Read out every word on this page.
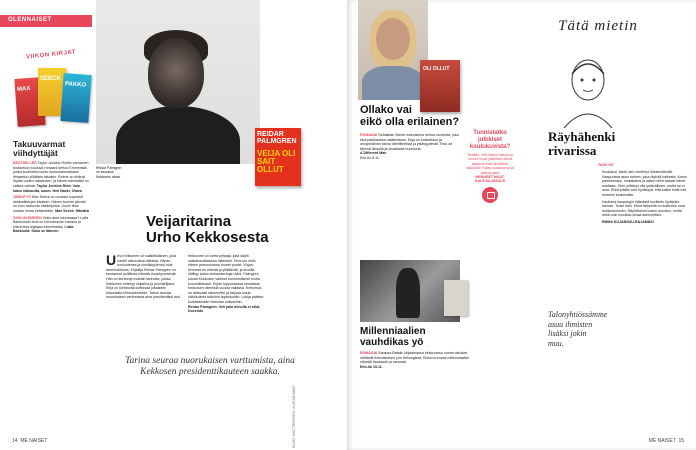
OLENNAISET
MAX
SEECK
PAKKO
VIIKON KIRJAT
Takuuvarmat viihdyttäjät

BESTSELLER Taylor Jenkins Reidin varhainen tuotantoon kuuluva romaani kertoo Emmeristä, jonka kuolleeksi luultu nuoruudenrakkaus ilmaantuu yllättäen takaisin. Emme on ehtinyt löytää uuden rakkauden, ja hänen edessään on vaikea valinta. Taylor Jenkins Reid: Vain kaksi rakkautta, suom. Heli Naski, Otava

JÄNNITYS Max Seeck on noussut nopeasti dekkarilistojen kärkeen. Hänen tuorein jännäri on kuin elokuvan käsikirjoitus. Uusin teos nostaa rimaa entisestään. Max Seeck: Hämärä

DIGILUKEMINEN Onko aina lukemassa? Lotta Backlundin teos on hervottoman hauska ja elävä kirja digiajan lukemisesta. Lotta Backlund: Sano se ääneen

REIDAR PALMGREN
VEIJA OLI SAIT OLLUT
Reidar Palmgren on seuranut Kekkosen aikaa.
Veijaritarina
Urho Kekkosesta
Urho Kekkonen oli salaliittolainen, joka nauttii valvovasta vallasta. Hänen oveluutensa ja sinnikkyytensä ovat tarunhohtoisia. Kirjailija Reidar Palmgren on seurannut poliittista elämää vuosikymmeniä. Hän on kerännyt muistiin tarinoita, joissa Kekkonen esiintyy veijarina ja juonittelijana. Kirja on kiehtovaa luettavaa jokaiselle historiasta kiinnostuneelle. Tarina seuraa nuorukaisen varttumista aina presidentiksi asti.
Kekkonen oli ovela pelaaja, joka käytti vaikutusvaltaansa taitavasti. Teos tuo esiin hänen persoonansa monet puolet. Kirjan kerronta on elävää ja yllättävää, ja sivuilta välittyy aidon tarinankertojan ääni. Palmgren kuvaa Kekkosen vaiheet humoristisesti mutta kunnioittavasti. Kirjan loppuosassa seurataan Kekkosen viimeisiä vuosia vallassa. Kertomus on taitavasti rakennettu ja tarjoaa uusia näkökulmia tuttuihin tapahtumiin. Lukija pääsee kurkistamaan historian kulisseihin.
Reidar Palmgren: Veli joka minulla ei ollut, Docendo
Tarina seuraa nuorukaisen varttumista, aina Kekkosen presidenttikauteen saakka.
KUVAT: SHUTTERSTOCK, KUSTANTAMOT
14 ME NAISET
OLI OLLUT
Ollako vai
eikö olla erilainen?
ROMAANI Sebastian Stenin esikoisteos kertoo nuoresta, joka etsii paikkaansa maailmassa. Kirja on koskettava ja omaperäinen tarina identiteetistä ja ystävyydestä. Teos on täynnä lämpöä ja oivaltavaa huumoria.
A Different Man
Emi-Ilo 8.11.
Tunnistatko julkkiset koulukuvista?
Tiesitkö, että Maria Veitola ja monet muut julkkikset olivat lapsena ihan tavallisen näköisiä? Katso koulukuvat ja yritä arvata!
MENNEET MAAT, KALEVALAISUUS
Millenniaalien
vauhdikas yö
ROMAANI Sampsa Batalin ohjaamassa elokuvassa nuoret aikuiset viettävät ikimuistoisen yön Helsingissä. Elokuva kuvaa millenniaalien elämää hauskasti ja osuvasti.
Emi-Ilo 15.11.
Tätä mietin
TAKE KE
Räyhähenki
rivarissa

Kuukausi ,tästä olen miettinyt rivitaloelämää. Naapurissa asuu nainen, joka räyhää kaikesta. Auton parkkeeraus, roskakatos ja lasten leikit saavat hänet tolaltaan. Olen yrittänyt olla ystävällinen, mutta se ei auta. Ehkä pitäisi vain hyväksyä, että kaikki eivät tule toimeen keskenään.

Kaukana kaupungin hälinästä kuvittelin löytäväni rauhan. Toisin kävi. Ehkä tärkeintä on kuitenkin oma suhtautuminen. Räyhähenki tuskin muuttuu, mutta minä voin muuttaa omaa asennettani.

EMMA KUJANSUU-RAJAMÄKI

Talonyhtiössämme asuu ihmisten lisäksi jokin muu.
ME NAISET 15
